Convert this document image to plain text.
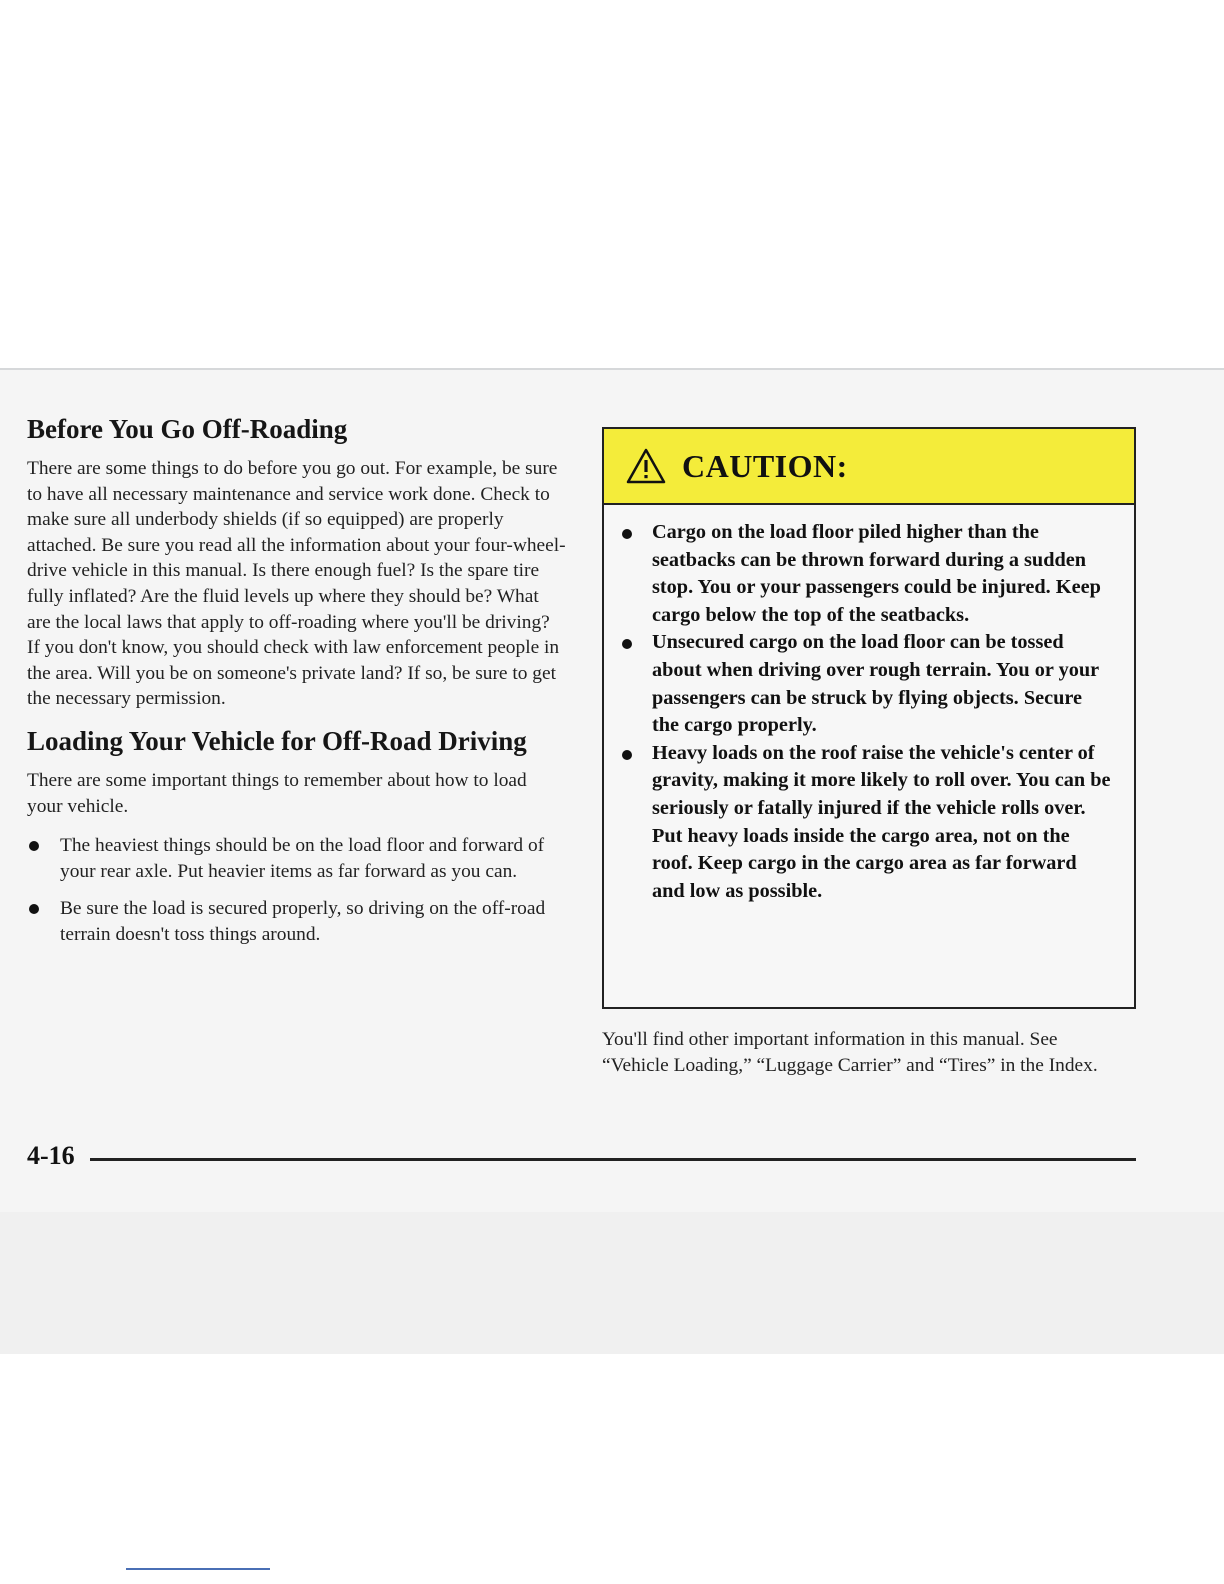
Before You Go Off-Roading

There are some things to do before you go out. For example, be sure to have all necessary maintenance and service work done. Check to make sure all underbody shields (if so equipped) are properly attached. Be sure you read all the information about your four-wheel-drive vehicle in this manual. Is there enough fuel? Is the spare tire fully inflated? Are the fluid levels up where they should be? What are the local laws that apply to off-roading where you'll be driving? If you don't know, you should check with law enforcement people in the area. Will you be on someone's private land? If so, be sure to get the necessary permission.

Loading Your Vehicle for Off-Road Driving

There are some important things to remember about how to load your vehicle.

The heaviest things should be on the load floor and forward of your rear axle. Put heavier items as far forward as you can.
Be sure the load is secured properly, so driving on the off-road terrain doesn't toss things around.
CAUTION:
Cargo on the load floor piled higher than the seatbacks can be thrown forward during a sudden stop. You or your passengers could be injured. Keep cargo below the top of the seatbacks.
Unsecured cargo on the load floor can be tossed about when driving over rough terrain. You or your passengers can be struck by flying objects. Secure the cargo properly.
Heavy loads on the roof raise the vehicle's center of gravity, making it more likely to roll over. You can be seriously or fatally injured if the vehicle rolls over. Put heavy loads inside the cargo area, not on the roof. Keep cargo in the cargo area as far forward and low as possible.

You'll find other important information in this manual. See “Vehicle Loading,” “Luggage Carrier” and “Tires” in the Index.

4-16
